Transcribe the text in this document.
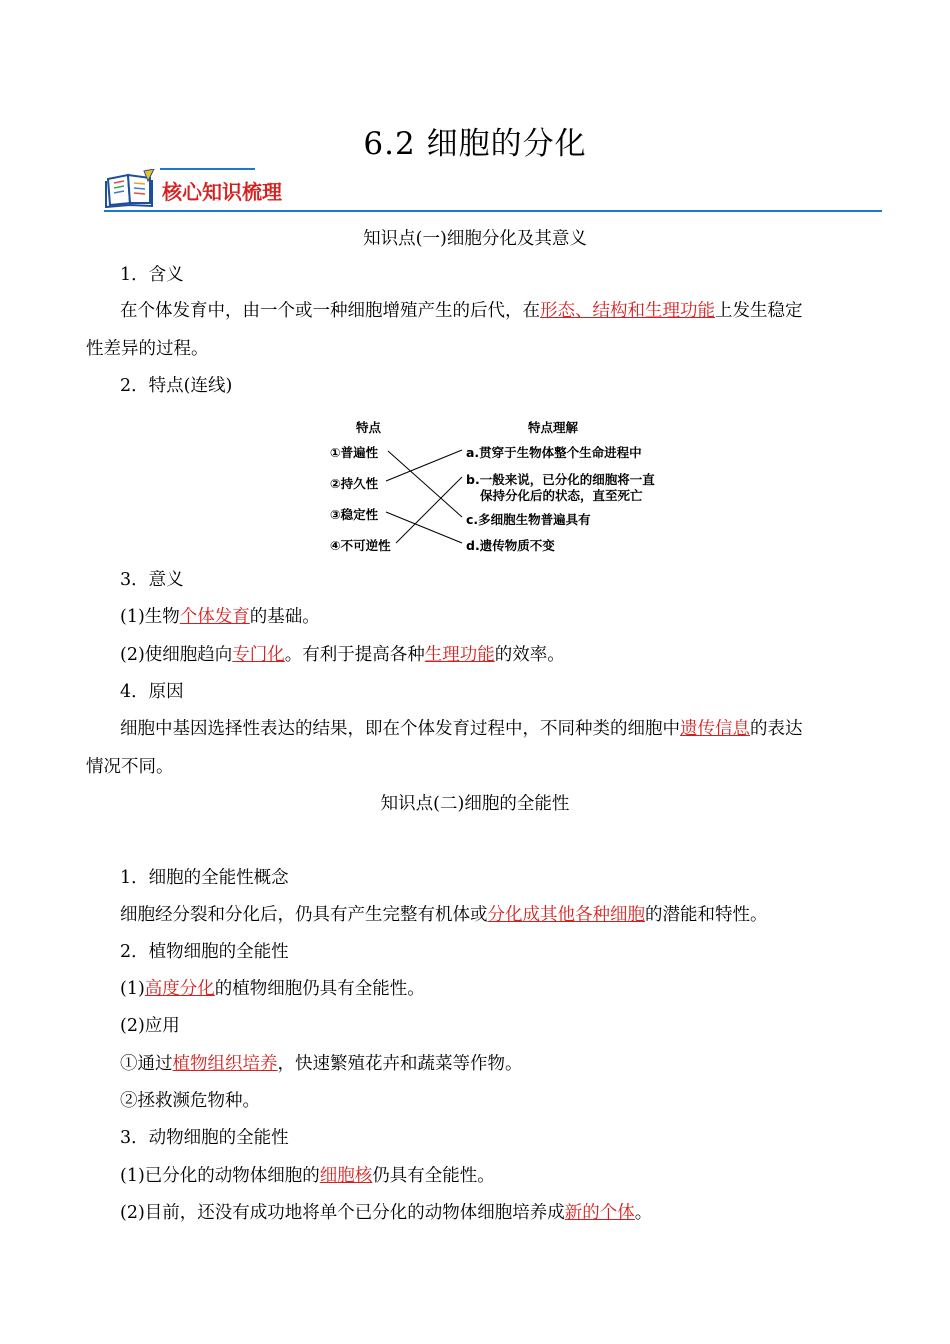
6.2 细胞的分化
核心知识梳理
知识点(一)细胞分化及其意义
1．含义
在个体发育中，由一个或一种细胞增殖产生的后代，在形态、结构和生理功能上发生稳定
性差异的过程。
2．特点(连线)
特点	特点理解
①普遍性
②持久性
③稳定性
④不可逆性
a.贯穿于生物体整个生命进程中
b.一般来说，已分化的细胞将一直
保持分化后的状态，直至死亡
c.多细胞生物普遍具有
d.遗传物质不变
3．意义
(1)生物个体发育的基础。
(2)使细胞趋向专门化。有利于提高各种生理功能的效率。
4．原因
细胞中基因选择性表达的结果，即在个体发育过程中，不同种类的细胞中遗传信息的表达
情况不同。
知识点(二)细胞的全能性
1．细胞的全能性概念
细胞经分裂和分化后，仍具有产生完整有机体或分化成其他各种细胞的潜能和特性。
2．植物细胞的全能性
(1)高度分化的植物细胞仍具有全能性。
(2)应用
①通过植物组织培养，快速繁殖花卉和蔬菜等作物。
②拯救濒危物种。
3．动物细胞的全能性
(1)已分化的动物体细胞的细胞核仍具有全能性。
(2)目前，还没有成功地将单个已分化的动物体细胞培养成新的个体。
